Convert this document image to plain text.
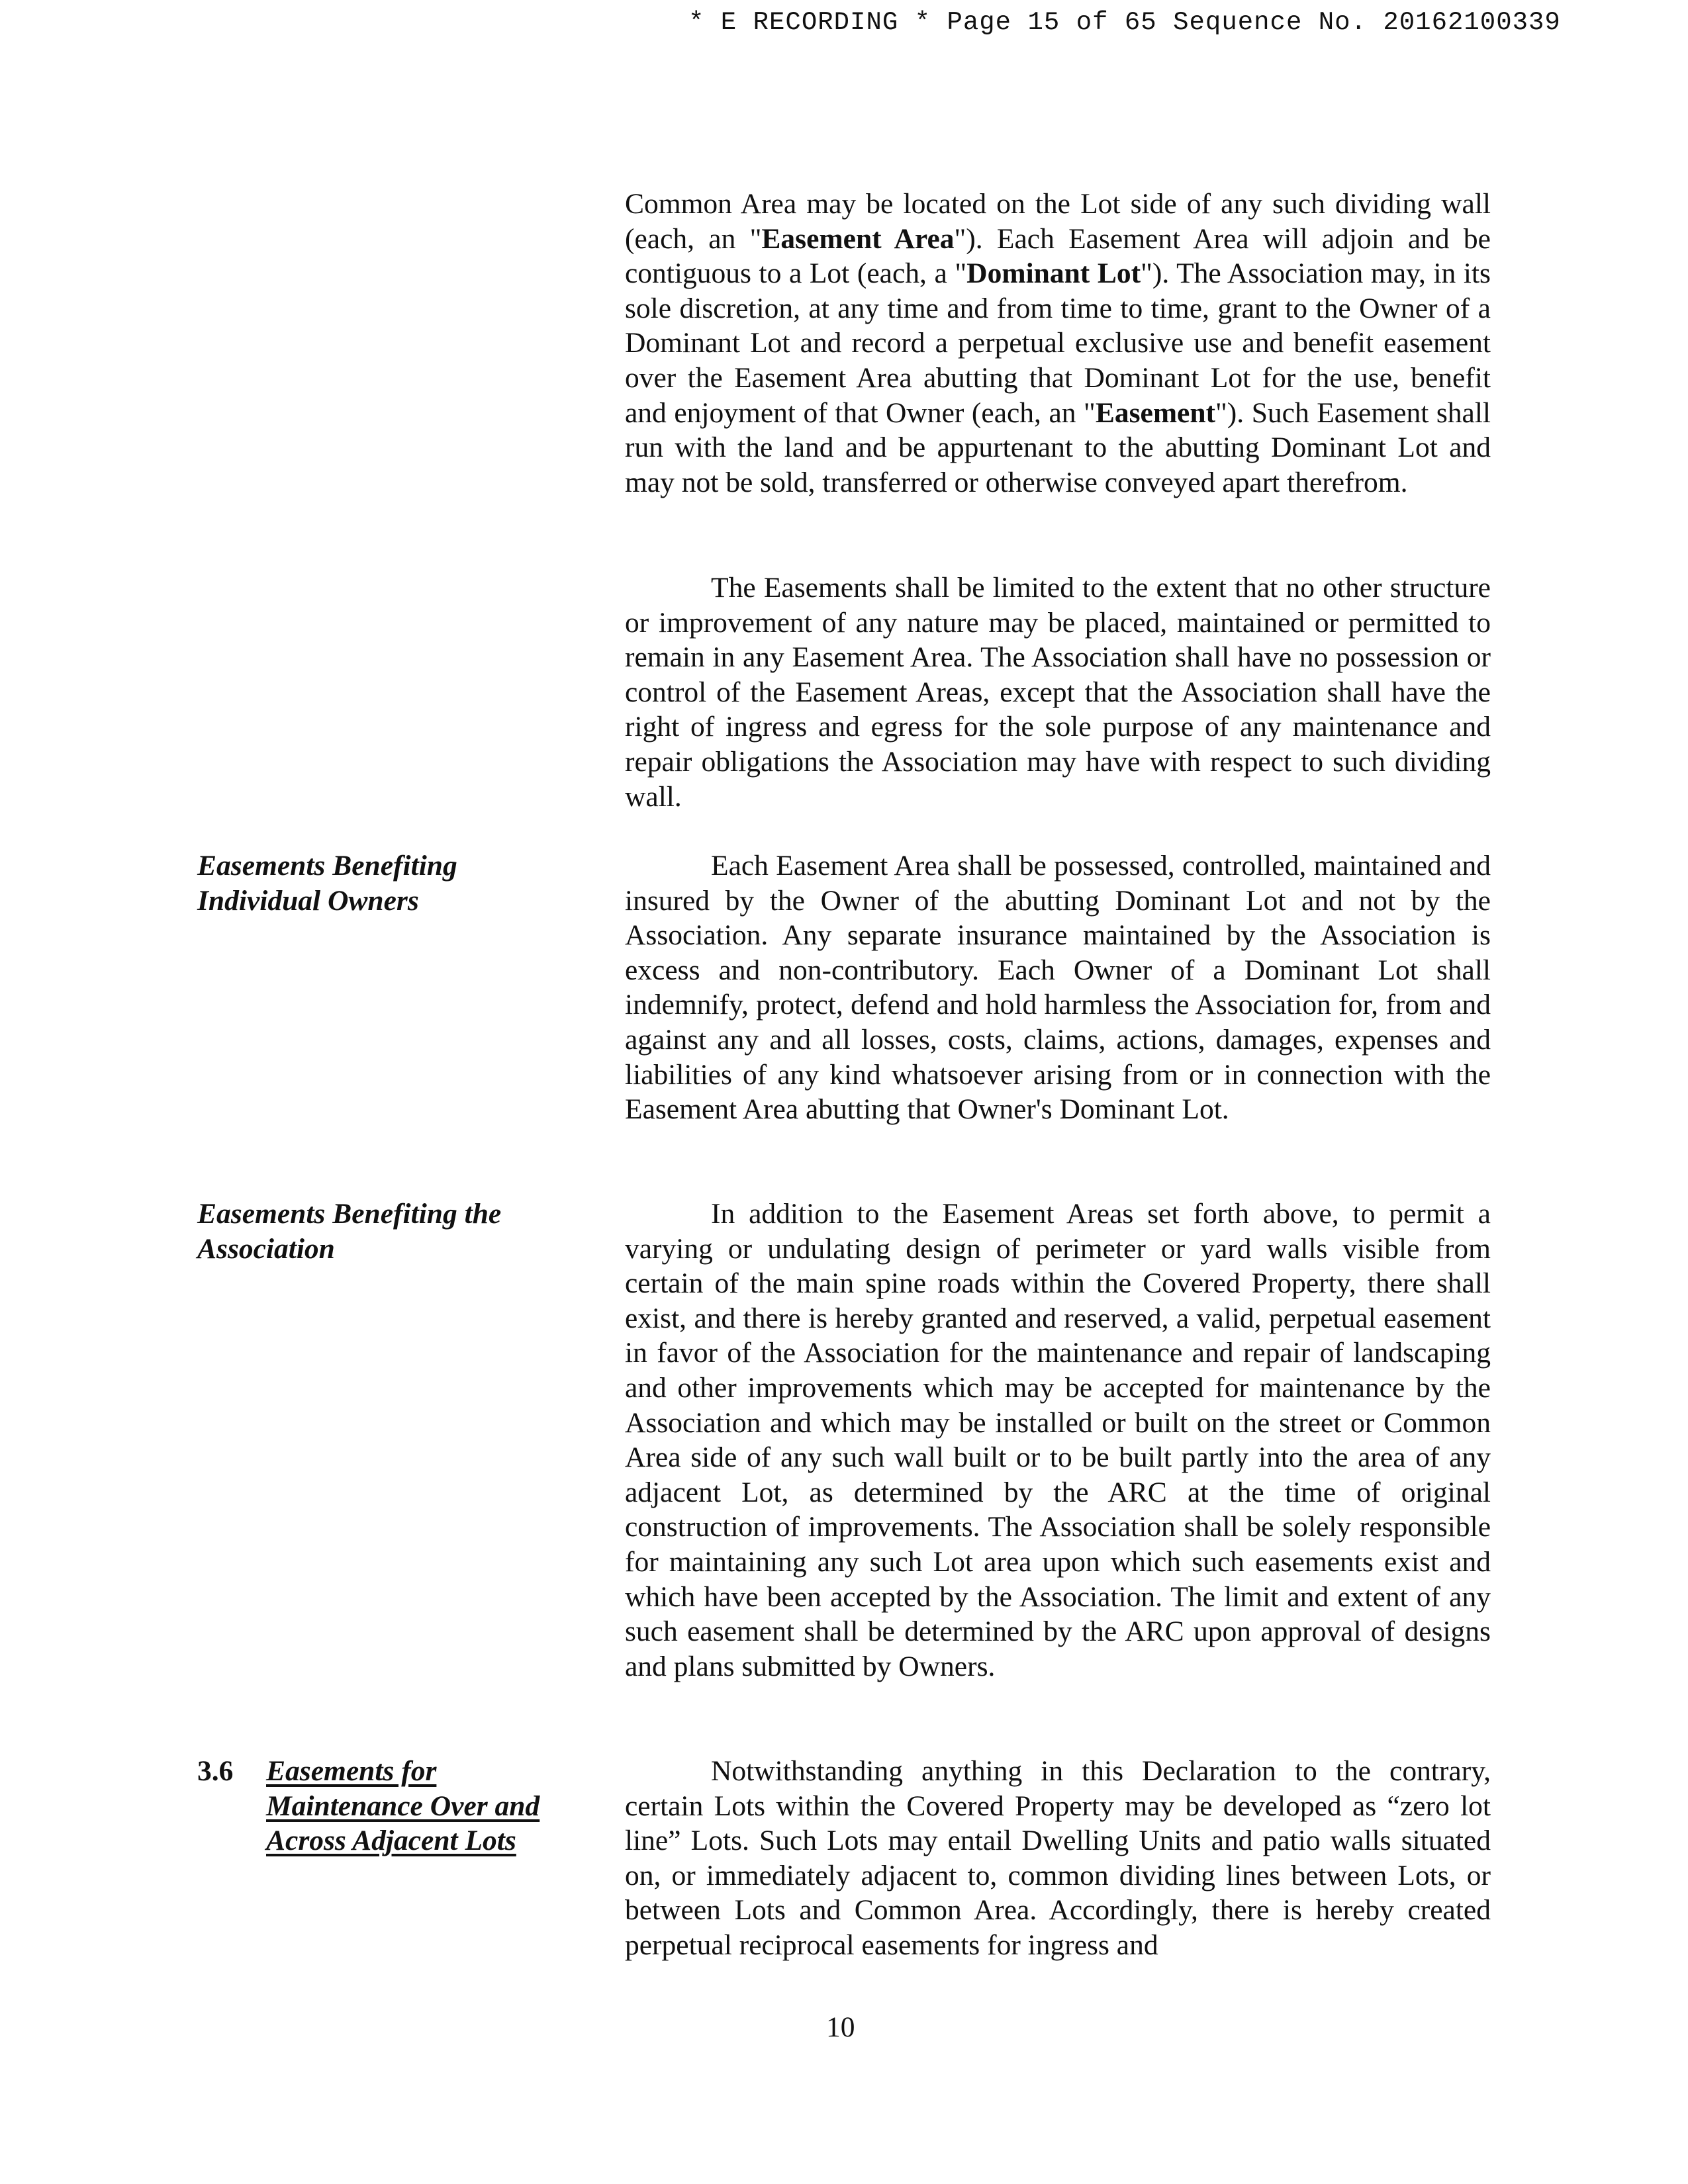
* E RECORDING * Page 15 of 65 Sequence No. 20162100339

Common Area may be located on the Lot side of any such dividing wall (each, an "Easement Area"). Each Easement Area will adjoin and be contiguous to a Lot (each, a "Dominant Lot"). The Association may, in its sole discretion, at any time and from time to time, grant to the Owner of a Dominant Lot and record a perpetual exclusive use and benefit easement over the Easement Area abutting that Dominant Lot for the use, benefit and enjoyment of that Owner (each, an "Easement"). Such Easement shall run with the land and be appurtenant to the abutting Dominant Lot and may not be sold, transferred or otherwise conveyed apart therefrom.

The Easements shall be limited to the extent that no other structure or improvement of any nature may be placed, maintained or permitted to remain in any Easement Area. The Association shall have no possession or control of the Easement Areas, except that the Association shall have the right of ingress and egress for the sole purpose of any maintenance and repair obligations the Association may have with respect to such dividing wall.

Easements Benefiting
Individual Owners

Each Easement Area shall be possessed, controlled, maintained and insured by the Owner of the abutting Dominant Lot and not by the Association. Any separate insurance maintained by the Association is excess and non-contributory. Each Owner of a Dominant Lot shall indemnify, protect, defend and hold harmless the Association for, from and against any and all losses, costs, claims, actions, damages, expenses and liabilities of any kind whatsoever arising from or in connection with the Easement Area abutting that Owner's Dominant Lot.

Easements Benefiting the
Association

In addition to the Easement Areas set forth above, to permit a varying or undulating design of perimeter or yard walls visible from certain of the main spine roads within the Covered Property, there shall exist, and there is hereby granted and reserved, a valid, perpetual easement in favor of the Association for the maintenance and repair of landscaping and other improvements which may be accepted for maintenance by the Association and which may be installed or built on the street or Common Area side of any such wall built or to be built partly into the area of any adjacent Lot, as determined by the ARC at the time of original construction of improvements. The Association shall be solely responsible for maintaining any such Lot area upon which such easements exist and which have been accepted by the Association. The limit and extent of any such easement shall be determined by the ARC upon approval of designs and plans submitted by Owners.

3.6 Easements for
Maintenance Over and
Across Adjacent Lots

Notwithstanding anything in this Declaration to the contrary, certain Lots within the Covered Property may be developed as “zero lot line” Lots. Such Lots may entail Dwelling Units and patio walls situated on, or immediately adjacent to, common dividing lines between Lots, or between Lots and Common Area. Accordingly, there is hereby created perpetual reciprocal easements for ingress and

10
